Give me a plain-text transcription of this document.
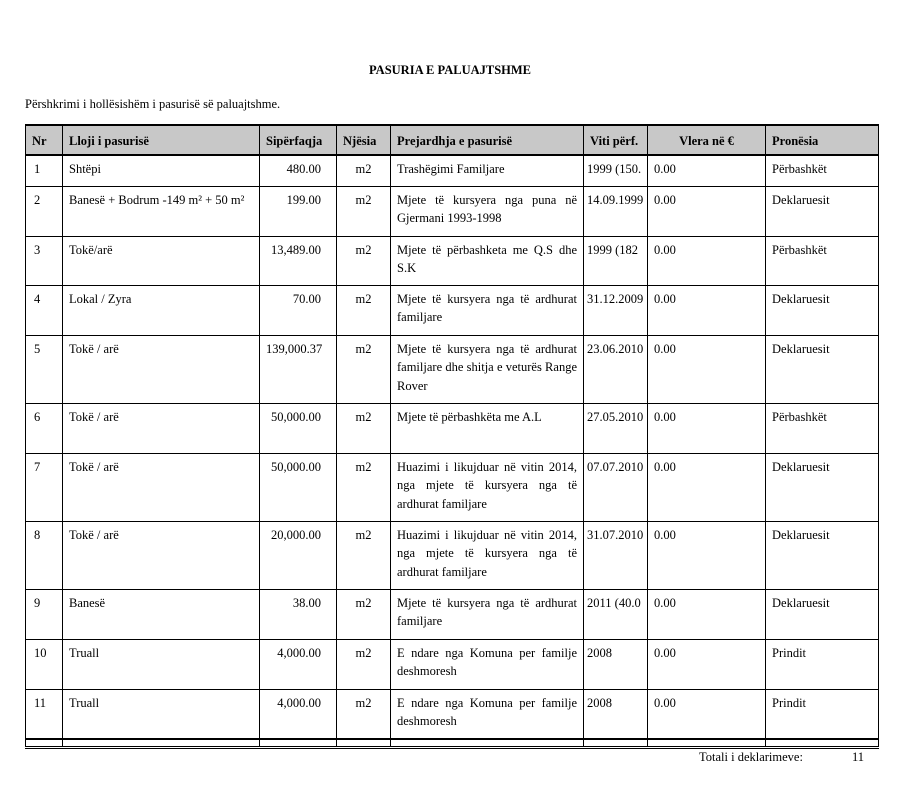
PASURIA E PALUAJTSHME
Përshkrimi i hollësishëm i pasurisë së paluajtshme.
Nr	Lloji i pasurisë	Sipërfaqja	Njësia	Prejardhja e pasurisë	Viti përf.	Vlera në €	Pronësia
1	Shtëpi	480.00	m2	Trashëgimi Familjare	1999 (150.	0.00	Përbashkët
2	Banesë + Bodrum -149 m² + 50 m²	199.00	m2	Mjete të kursyera nga puna në Gjermani 1993-1998	14.09.1999	0.00	Deklaruesit
3	Tokë/arë	13,489.00	m2	Mjete të përbashketa me Q.S dhe S.K	1999 (182	0.00	Përbashkët
4	Lokal / Zyra	70.00	m2	Mjete të kursyera nga të ardhurat familjare	31.12.2009	0.00	Deklaruesit
5	Tokë / arë	139,000.37	m2	Mjete të kursyera nga të ardhurat familjare dhe shitja e veturës Range Rover	23.06.2010	0.00	Deklaruesit
6	Tokë / arë	50,000.00	m2	Mjete të përbashkëta me A.L	27.05.2010	0.00	Përbashkët
7	Tokë / arë	50,000.00	m2	Huazimi i likujduar në vitin 2014, nga mjete të kursyera nga të ardhurat familjare	07.07.2010	0.00	Deklaruesit
8	Tokë / arë	20,000.00	m2	Huazimi i likujduar në vitin 2014, nga mjete të kursyera nga të ardhurat familjare	31.07.2010	0.00	Deklaruesit
9	Banesë	38.00	m2	Mjete të kursyera nga të ardhurat familjare	2011 (40.0	0.00	Deklaruesit
10	Truall	4,000.00	m2	E ndare nga Komuna per familje deshmoresh	2008	0.00	Prindit
11	Truall	4,000.00	m2	E ndare nga Komuna per familje deshmoresh	2008	0.00	Prindit

Totali i deklarimeve:	11
